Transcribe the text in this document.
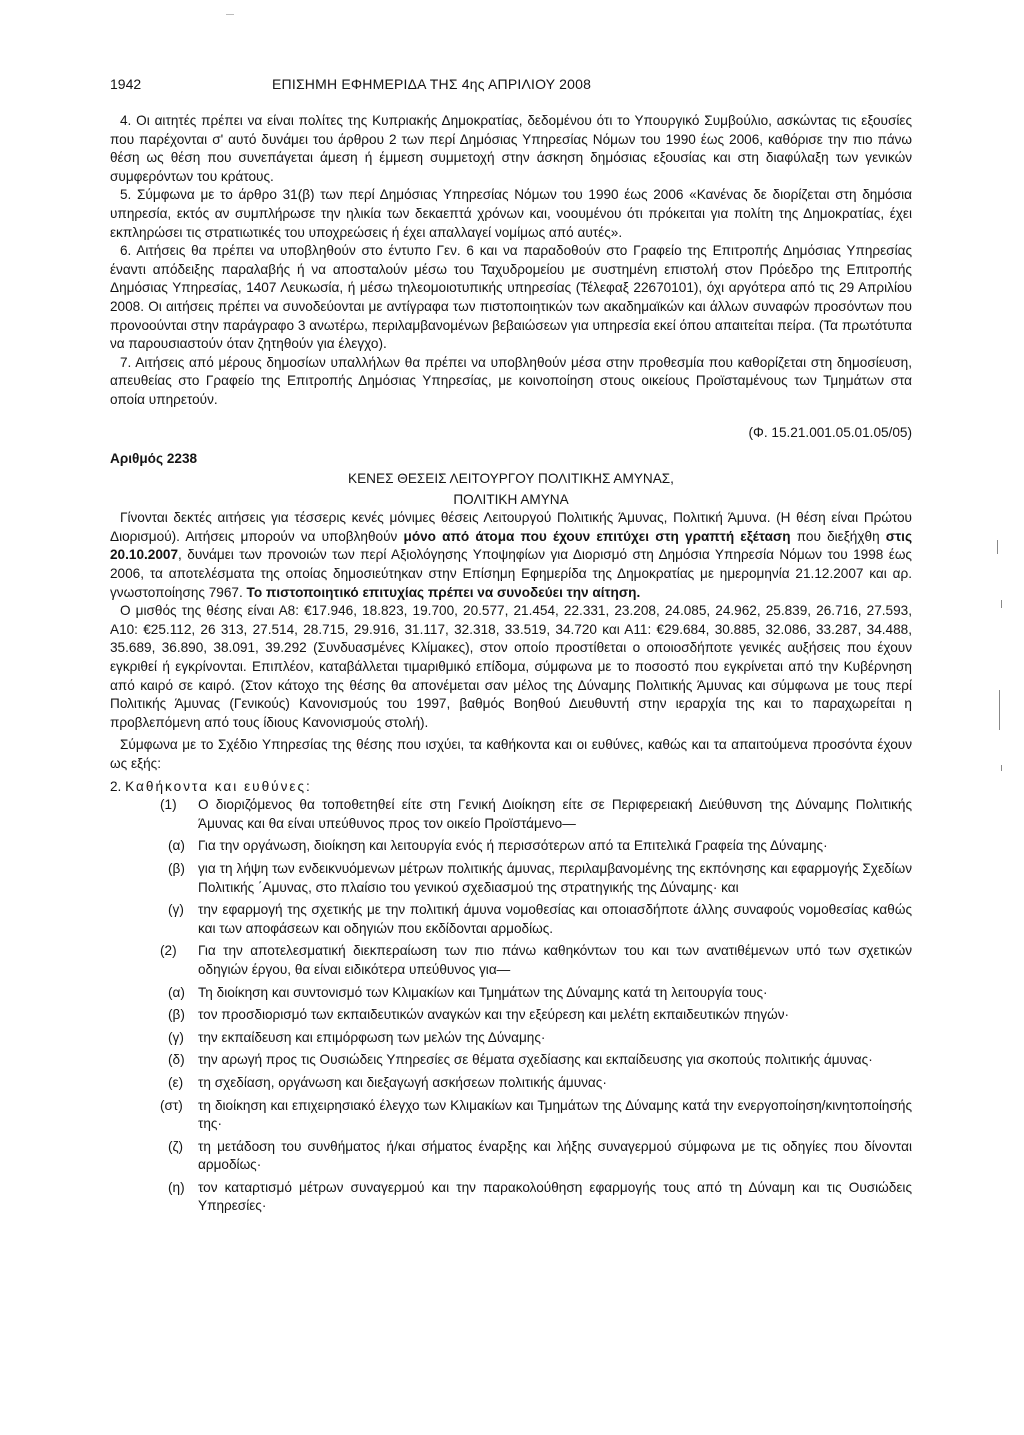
1942	ΕΠΙΣΗΜΗ ΕΦΗΜΕΡΙΔΑ ΤΗΣ 4ης ΑΠΡΙΛΙΟΥ 2008

4. Οι αιτητές πρέπει να είναι πολίτες της Κυπριακής Δημοκρατίας, δεδομένου ότι το Υπουργικό Συμβούλιο, ασκώντας τις εξουσίες που παρέχονται σ' αυτό δυνάμει του άρθρου 2 των περί Δημόσιας Υπηρεσίας Νόμων του 1990 έως 2006, καθόρισε την πιο πάνω θέση ως θέση που συνεπάγεται άμεση ή έμμεση συμμετοχή στην άσκηση δημόσιας εξουσίας και στη διαφύλαξη των γενικών συμφερόντων του κράτους.

5. Σύμφωνα με το άρθρο 31(β) των περί Δημόσιας Υπηρεσίας Νόμων του 1990 έως 2006 «Κανένας δε διορίζεται στη δημόσια υπηρεσία, εκτός αν συμπλήρωσε την ηλικία των δεκαεπτά χρόνων και, νοουμένου ότι πρόκειται για πολίτη της Δημοκρατίας, έχει εκπληρώσει τις στρατιωτικές του υποχρεώσεις ή έχει απαλλαγεί νομίμως από αυτές».

6. Αιτήσεις θα πρέπει να υποβληθούν στο έντυπο Γεν. 6 και να παραδοθούν στο Γραφείο της Επιτροπής Δημόσιας Υπηρεσίας έναντι απόδειξης παραλαβής ή να αποσταλούν μέσω του Ταχυδρομείου με συστημένη επιστολή στον Πρόεδρο της Επιτροπής Δημόσιας Υπηρεσίας, 1407 Λευκωσία, ή μέσω τηλεομοιοτυπικής υπηρεσίας (Τέλεφαξ 22670101), όχι αργότερα από τις 29 Απριλίου 2008. Οι αιτήσεις πρέπει να συνοδεύονται με αντίγραφα των πιστοποιητικών των ακαδημαϊκών και άλλων συναφών προσόντων που προνοούνται στην παράγραφο 3 ανωτέρω, περιλαμβανομένων βεβαιώσεων για υπηρεσία εκεί όπου απαιτείται πείρα. (Τα πρωτότυπα να παρουσιαστούν όταν ζητηθούν για έλεγχο).

7. Αιτήσεις από μέρους δημοσίων υπαλλήλων θα πρέπει να υποβληθούν μέσα στην προθεσμία που καθορίζεται στη δημοσίευση, απευθείας στο Γραφείο της Επιτροπής Δημόσιας Υπηρεσίας, με κοινοποίηση στους οικείους Προϊσταμένους των Τμημάτων στα οποία υπηρετούν.

(Φ. 15.21.001.05.01.05/05)

Αριθμός 2238

ΚΕΝΕΣ ΘΕΣΕΙΣ ΛΕΙΤΟΥΡΓΟΥ ΠΟΛΙΤΙΚΗΣ ΑΜΥΝΑΣ,

ΠΟΛΙΤΙΚΗ ΑΜΥΝΑ

Γίνονται δεκτές αιτήσεις για τέσσερις κενές μόνιμες θέσεις Λειτουργού Πολιτικής Άμυνας, Πολιτική Άμυνα. (Η θέση είναι Πρώτου Διορισμού). Αιτήσεις μπορούν να υποβληθούν μόνο από άτομα που έχουν επιτύχει στη γραπτή εξέταση που διεξήχθη στις 20.10.2007, δυνάμει των προνοιών των περί Αξιολόγησης Υποψηφίων για Διορισμό στη Δημόσια Υπηρεσία Νόμων του 1998 έως 2006, τα αποτελέσματα της οποίας δημοσιεύτηκαν στην Επίσημη Εφημερίδα της Δημοκρατίας με ημερομηνία 21.12.2007 και αρ. γνωστοποίησης 7967. Το πιστοποιητικό επιτυχίας πρέπει να συνοδεύει την αίτηση.

Ο μισθός της θέσης είναι Α8: €17.946, 18.823, 19.700, 20.577, 21.454, 22.331, 23.208, 24.085, 24.962, 25.839, 26.716, 27.593, Α10: €25.112, 26 313, 27.514, 28.715, 29.916, 31.117, 32.318, 33.519, 34.720 και Α11: €29.684, 30.885, 32.086, 33.287, 34.488, 35.689, 36.890, 38.091, 39.292 (Συνδυασμένες Κλίμακες), στον οποίο προστίθεται ο οποιοσδήποτε γενικές αυξήσεις που έχουν εγκριθεί ή εγκρίνονται. Επιπλέον, καταβάλλεται τιμαριθμικό επίδομα, σύμφωνα με το ποσοστό που εγκρίνεται από την Κυβέρνηση από καιρό σε καιρό. (Στον κάτοχο της θέσης θα απονέμεται σαν μέλος της Δύναμης Πολιτικής Άμυνας και σύμφωνα με τους περί Πολιτικής Άμυνας (Γενικούς) Κανονισμούς του 1997, βαθμός Βοηθού Διευθυντή στην ιεραρχία της και το παραχωρείται η προβλεπόμενη από τους ίδιους Κανονισμούς στολή).

Σύμφωνα με το Σχέδιο Υπηρεσίας της θέσης που ισχύει, τα καθήκοντα και οι ευθύνες, καθώς και τα απαιτούμενα προσόντα έχουν ως εξής:

2. Καθήκοντα και ευθύνες:

(1) Ο διοριζόμενος θα τοποθετηθεί είτε στη Γενική Διοίκηση είτε σε Περιφερειακή Διεύθυνση της Δύναμης Πολιτικής Άμυνας και θα είναι υπεύθυνος προς τον οικείο Προϊστάμενο—

(α) Για την οργάνωση, διοίκηση και λειτουργία ενός ή περισσότερων από τα Επιτελικά Γραφεία της Δύναμης·

(β) για τη λήψη των ενδεικνυόμενων μέτρων πολιτικής άμυνας, περιλαμβανομένης της εκπόνησης και εφαρμογής Σχεδίων Πολιτικής ΄Αμυνας, στο πλαίσιο του γενικού σχεδιασμού της στρατηγικής της Δύναμης· και

(γ) την εφαρμογή της σχετικής με την πολιτική άμυνα νομοθεσίας και οποιασδήποτε άλλης συναφούς νομοθεσίας καθώς και των αποφάσεων και οδηγιών που εκδίδονται αρμοδίως.

(2) Για την αποτελεσματική διεκπεραίωση των πιο πάνω καθηκόντων του και των ανατιθέμενων υπό των σχετικών οδηγιών έργου, θα είναι ειδικότερα υπεύθυνος για—

(α) Τη διοίκηση και συντονισμό των Κλιμακίων και Τμημάτων της Δύναμης κατά τη λειτουργία τους·

(β) τον προσδιορισμό των εκπαιδευτικών αναγκών και την εξεύρεση και μελέτη εκπαιδευτικών πηγών·

(γ) την εκπαίδευση και επιμόρφωση των μελών της Δύναμης·

(δ) την αρωγή προς τις Ουσιώδεις Υπηρεσίες σε θέματα σχεδίασης και εκπαίδευσης για σκοπούς πολιτικής άμυνας·

(ε) τη σχεδίαση, οργάνωση και διεξαγωγή ασκήσεων πολιτικής άμυνας·

(στ) τη διοίκηση και επιχειρησιακό έλεγχο των Κλιμακίων και Τμημάτων της Δύναμης κατά την ενεργοποίηση/κινητοποίησής της·

(ζ) τη μετάδοση του συνθήματος ή/και σήματος έναρξης και λήξης συναγερμού σύμφωνα με τις οδηγίες που δίνονται αρμοδίως·

(η) τον καταρτισμό μέτρων συναγερμού και την παρακολούθηση εφαρμογής τους από τη Δύναμη και τις Ουσιώδεις Υπηρεσίες·
